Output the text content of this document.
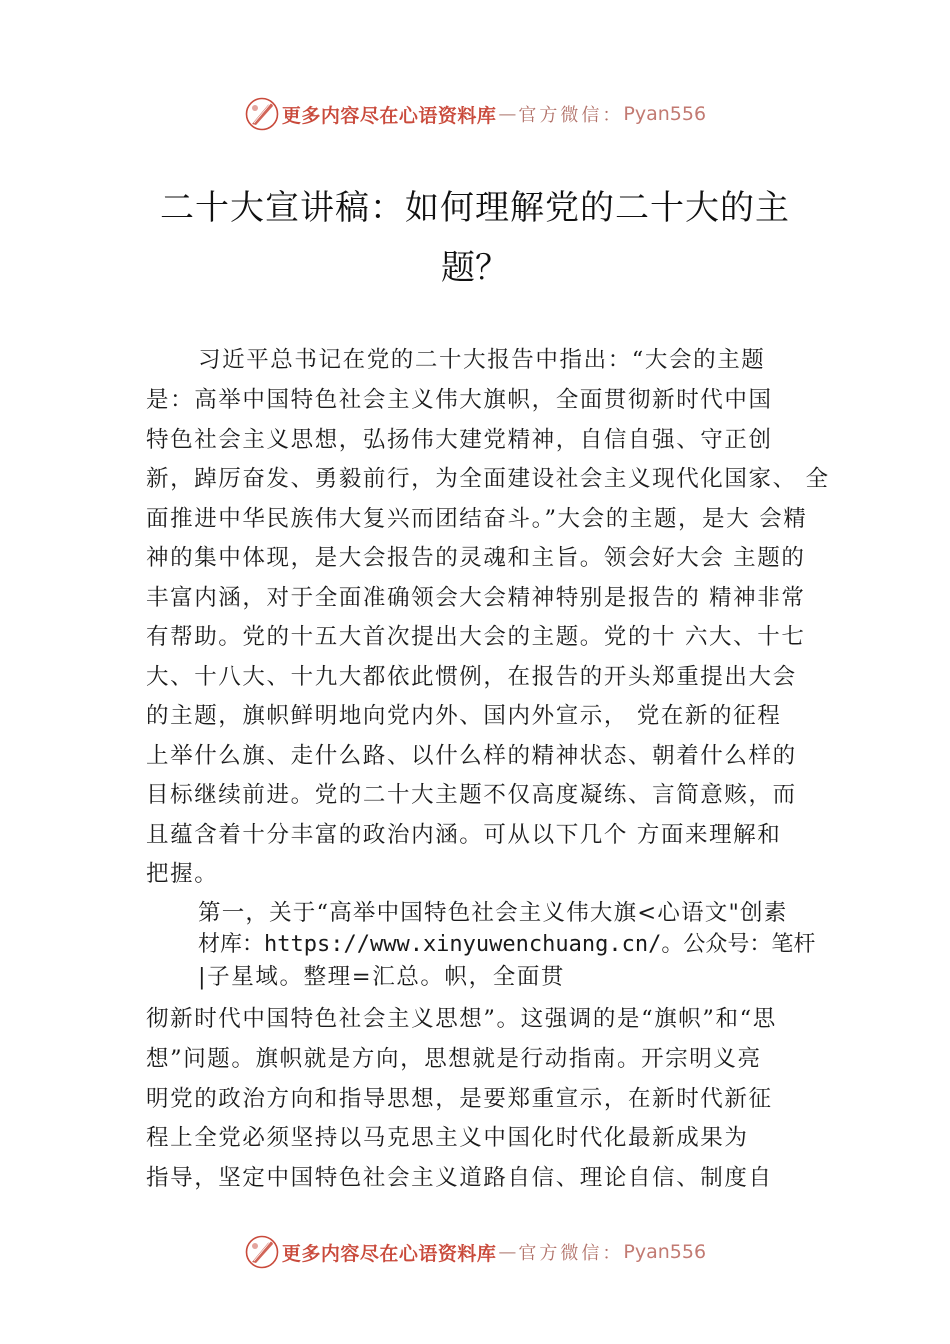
更多内容尽在心语资料库 — 官方微信： Pyan556
二十大宣讲稿：如何理解党的二十大的主
题？
习近平总书记在党的二十大报告中指出：“大会的主题
是：高举中国特色社会主义伟大旗帜，全面贯彻新时代中国
特色社会主义思想，弘扬伟大建党精神，自信自强、守正创
新，踔厉奋发、勇毅前行，为全面建设社会主义现代化国家、 全
面推进中华民族伟大复兴而团结奋斗。”大会的主题，是大 会精
神的集中体现，是大会报告的灵魂和主旨。领会好大会 主题的
丰富内涵，对于全面准确领会大会精神特别是报告的 精神非常
有帮助。党的十五大首次提出大会的主题。党的十 六大、十七
大、十八大、十九大都依此惯例，在报告的开头郑重提出大会
的主题，旗帜鲜明地向党内外、国内外宣示， 党在新的征程
上举什么旗、走什么路、以什么样的精神状态、朝着什么样的
目标继续前进。党的二十大主题不仅高度凝练、言简意赅，而
且蕴含着十分丰富的政治内涵。可从以下几个 方面来理解和
把握。
第一，关于“高举中国特色社会主义伟大旗<心语文"创素
材库：https://www.xinyuwenchuang.cn/。公众号：笔杆
|子星域。整理=汇总。帜，全面贯
彻新时代中国特色社会主义思想”。这强调的是“旗帜”和“思
想”问题。旗帜就是方向，思想就是行动指南。开宗明义亮
明党的政治方向和指导思想，是要郑重宣示，在新时代新征
程上全党必须坚持以马克思主义中国化时代化最新成果为
指导，坚定中国特色社会主义道路自信、理论自信、制度自
更多内容尽在心语资料库 — 官方微信： Pyan556
